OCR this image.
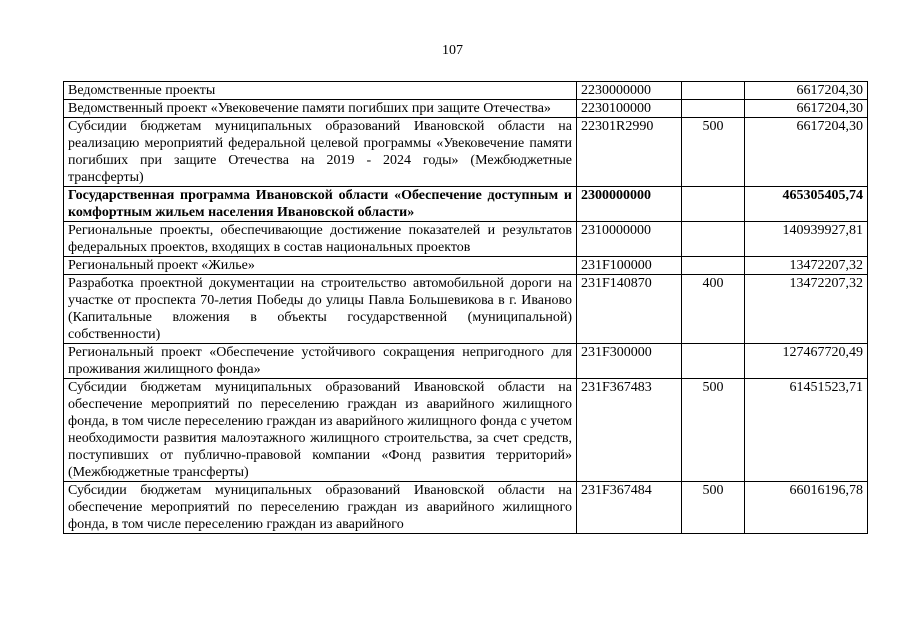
107
Ведомственные проекты	2230000000		6617204,30
Ведомственный проект «Увековечение памяти погибших при защите Отечества»	2230100000		6617204,30
Субсидии бюджетам муниципальных образований Ивановской области на реализацию мероприятий федеральной целевой программы «Увековечение памяти погибших при защите Отечества на 2019 - 2024 годы» (Межбюджетные трансферты)	22301R2990	500	6617204,30
Государственная программа Ивановской области «Обеспечение доступным и комфортным жильем населения Ивановской области»	2300000000		465305405,74
Региональные проекты, обеспечивающие достижение показателей и результатов федеральных проектов, входящих в состав национальных проектов	2310000000		140939927,81
Региональный проект «Жилье»	231F100000		13472207,32
Разработка проектной документации на строительство автомобильной дороги на участке от проспекта 70-летия Победы до улицы Павла Большевикова в г. Иваново (Капитальные вложения в объекты государственной (муниципальной) собственности)	231F140870	400	13472207,32
Региональный проект «Обеспечение устойчивого сокращения непригодного для проживания жилищного фонда»	231F300000		127467720,49
Субсидии бюджетам муниципальных образований Ивановской области на обеспечение мероприятий по переселению граждан из аварийного жилищного фонда, в том числе переселению граждан из аварийного жилищного фонда с учетом необходимости развития малоэтажного жилищного строительства, за счет средств, поступивших от публично-правовой компании «Фонд развития территорий» (Межбюджетные трансферты)	231F367483	500	61451523,71
Субсидии бюджетам муниципальных образований Ивановской области на обеспечение мероприятий по переселению граждан из аварийного жилищного фонда, в том числе переселению граждан из аварийного	231F367484	500	66016196,78
